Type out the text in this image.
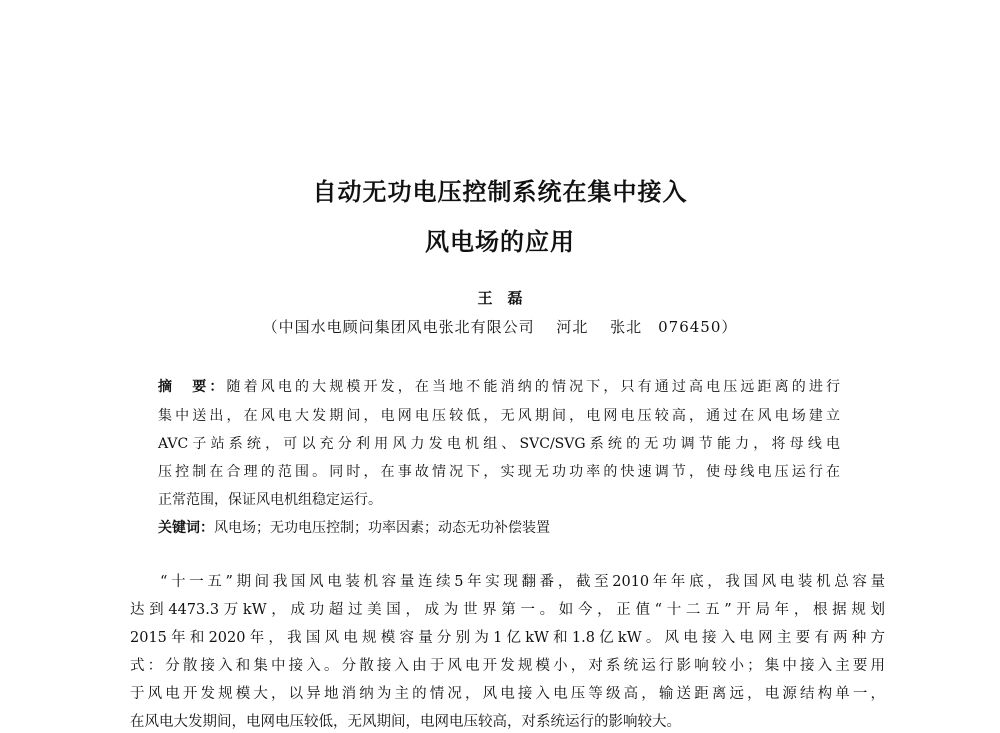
自动无功电压控制系统在集中接入
风电场的应用
王　磊
（中国水电顾问集团风电张北有限公司　 河北　 张北　076450）
摘　要：随着风电的大规模开发，在当地不能消纳的情况下，只有通过高电压远距离的进行
集中送出，在风电大发期间，电网电压较低，无风期间，电网电压较高，通过在风电场建立
AVC子站系统，可以充分利用风力发电机组、SVC/SVG系统的无功调节能力，将母线电
压控制在合理的范围。同时，在事故情况下，实现无功功率的快速调节，使母线电压运行在
正常范围，保证风电机组稳定运行。
关键词：风电场；无功电压控制；功率因素；动态无功补偿装置
“十一五”期间我国风电装机容量连续5年实现翻番，截至2010年年底，我国风电装机总容量
达到4473.3万kW，成功超过美国，成为世界第一。如今，正值“十二五”开局年，根据规划
2015年和2020年，我国风电规模容量分别为1亿kW和1.8亿kW。风电接入电网主要有两种方
式：分散接入和集中接入。分散接入由于风电开发规模小，对系统运行影响较小；集中接入主要用
于风电开发规模大，以异地消纳为主的情况，风电接入电压等级高，输送距离远，电源结构单一，
在风电大发期间，电网电压较低，无风期间，电网电压较高，对系统运行的影响较大。
